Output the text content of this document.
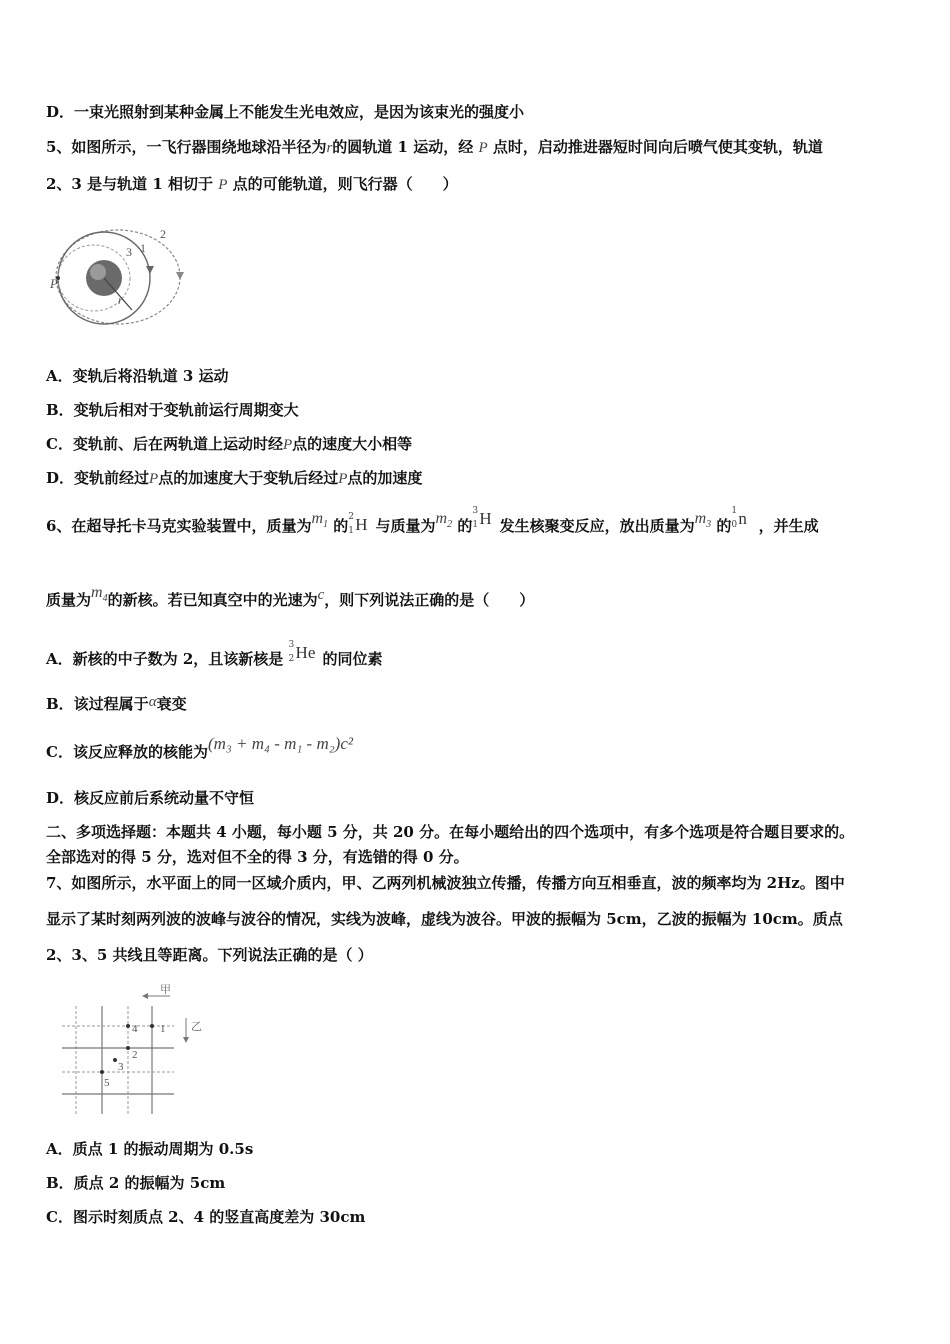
D．一束光照射到某种金属上不能发生光电效应，是因为该束光的强度小
5、如图所示，一飞行器围绕地球沿半径为r的圆轨道 1 运动，经 P 点时，启动推进器短时间向后喷气使其变轨，轨道
2、3 是与轨道 1 相切于 P 点的可能轨道，则飞行器（　　）
P
r
1
2
3
A．变轨后将沿轨道 3 运动
B．变轨后相对于变轨前运行周期变大
C．变轨前、后在两轨道上运动时经P点的速度大小相等
D．变轨前经过P点的加速度大于变轨后经过P点的加速度
6、在超导托卡马克实验装置中，质量为$m_1$ 的 2
1 H 与质量为$m_2$ 的
3
1 H 发生核聚变反应，放出质量为$m_3$ 的
1
0 n ，并生成
质量为$m_4$的新核。若已知真空中的光速为c，则下列说法正确的是（　　）
A．新核的中子数为 2，且该新核是
3
2 He 的同位素
B．该过程属于α衰变
C．该反应释放的核能为(m₃ + m₄ - m₁ - m₂)c²
D．核反应前后系统动量不守恒
二、多项选择题：本题共 4 小题，每小题 5 分，共 20 分。在每小题给出的四个选项中，有多个选项是符合题目要求的。
全部选对的得 5 分，选对但不全的得 3 分，有选错的得 0 分。
7、如图所示，水平面上的同一区域介质内，甲、乙两列机械波独立传播，传播方向互相垂直，波的频率均为 2Hz。图中
显示了某时刻两列波的波峰与波谷的情况，实线为波峰，虚线为波谷。甲波的振幅为 5cm，乙波的振幅为 10cm。质点
2、3、5 共线且等距离。下列说法正确的是（ ）
甲
乙
4 1
2
3
5
A．质点 1 的振动周期为 0.5s
B．质点 2 的振幅为 5cm
C．图示时刻质点 2、4 的竖直高度差为 30cm
